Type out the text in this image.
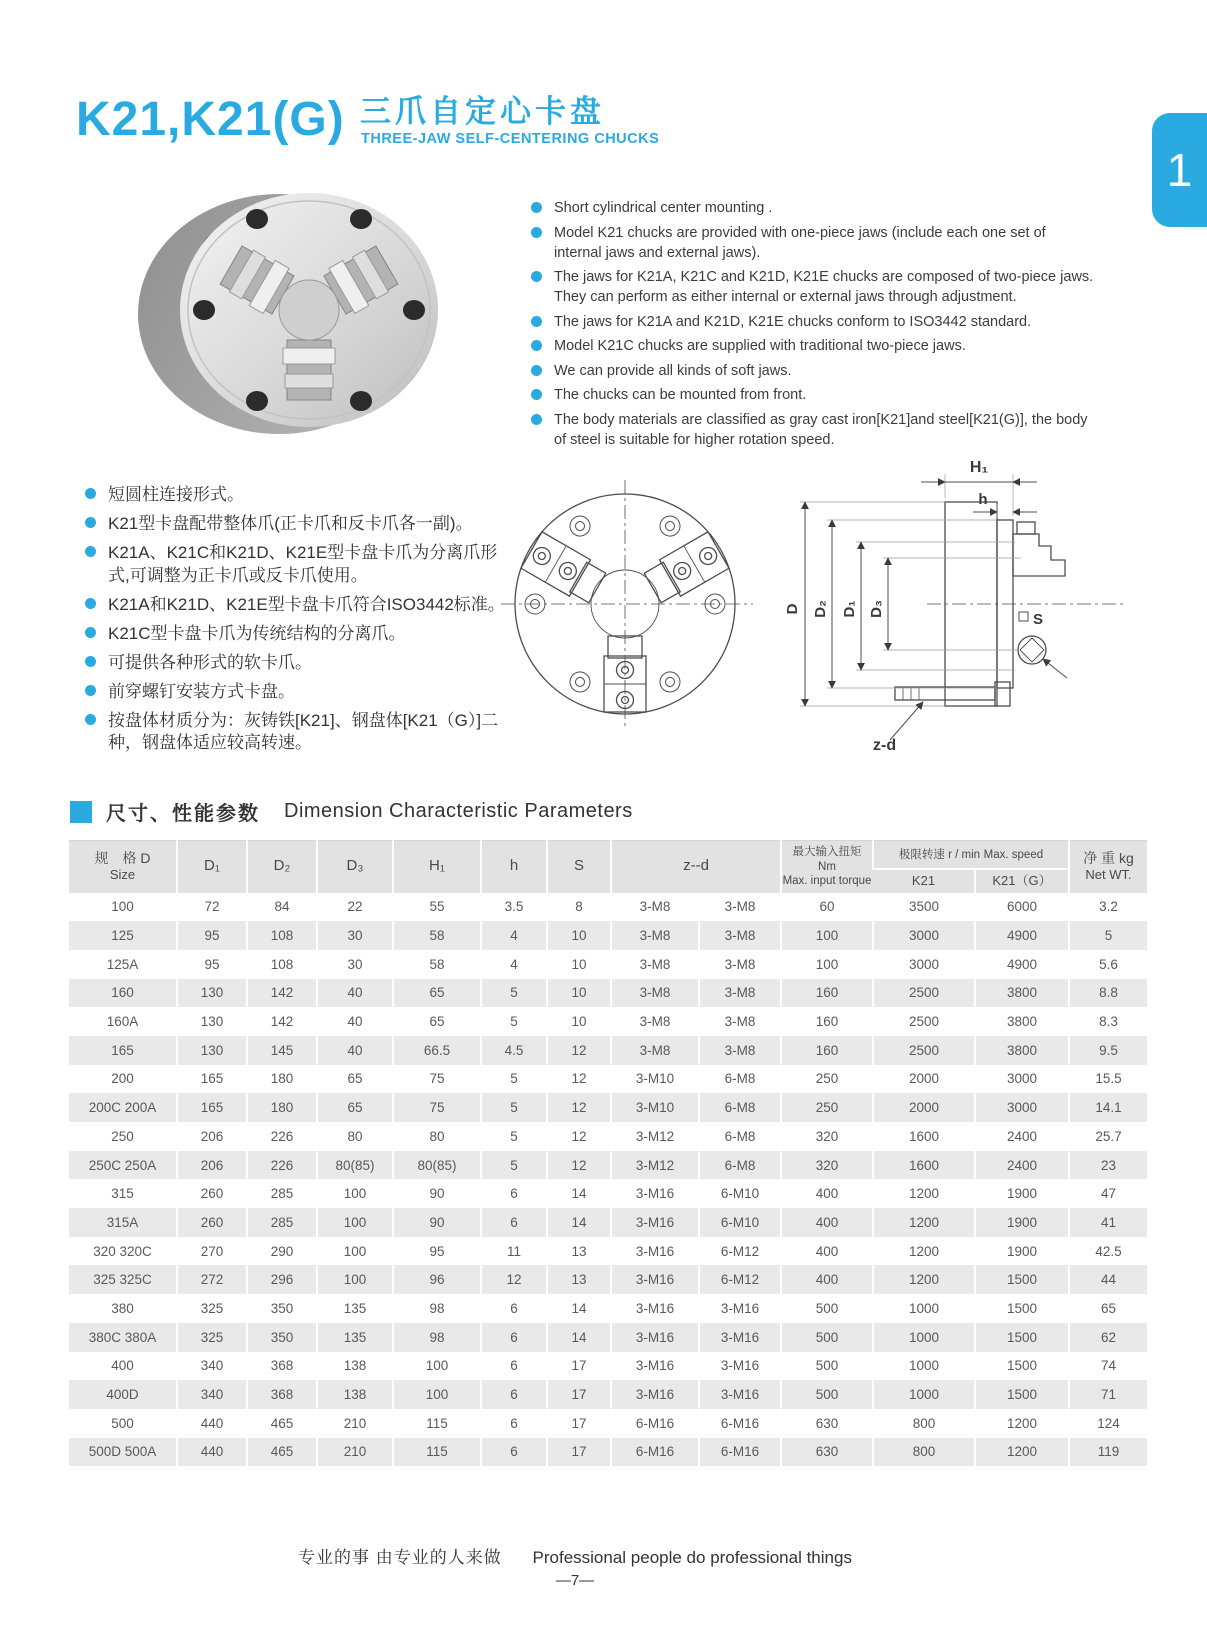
K21,K21(G) 三爪自定心卡盘
THREE-JAW SELF-CENTERING CHUCKS
1
Short cylindrical center mounting .
Model K21 chucks are provided with one-piece jaws (include each one set of internal jaws and external jaws).
The jaws for K21A, K21C and K21D, K21E chucks are composed of two-piece jaws. They can perform as either internal or external jaws through adjustment.
The jaws for K21A and K21D, K21E chucks conform to ISO3442 standard.
Model K21C chucks are supplied with traditional two-piece jaws.
We can provide all kinds of soft jaws.
The chucks can be mounted from front.
The body materials are classified as gray cast iron[K21]and steel[K21(G)], the body of steel is suitable for higher rotation speed.
短圆柱连接形式。
K21型卡盘配带整体爪(正卡爪和反卡爪各一副)。
K21A、K21C和K21D、K21E型卡盘卡爪为分离爪形式,可调整为正卡爪或反卡爪使用。
K21A和K21D、K21E型卡盘卡爪符合ISO3442标准。
K21C型卡盘卡爪为传统结构的分离爪。
可提供各种形式的软卡爪。
前穿螺钉安装方式卡盘。
按盘体材质分为：灰铸铁[K21]、钢盘体[K21（G）]二种，钢盘体适应较高转速。
H₁
h
D D₂ D₁ D₃
S
z-d
尺寸、性能参数 Dimension Characteristic Parameters
规　格 D
Size
	D₁	D₂	D₃	H₁	h	S	z--d	
最大输入扭矩 Nm
Max. input torque
	极限转速 r / min Max. speed	净 重 kg
Net WT.

										K21	K21（G）	
100	72	84	22	55	3.5	8	3-M8	3-M8	60	3500	6000	3.2
125	95	108	30	58	4	10	3-M8	3-M8	100	3000	4900	5
125A	95	108	30	58	4	10	3-M8	3-M8	100	3000	4900	5.6
160	130	142	40	65	5	10	3-M8	3-M8	160	2500	3800	8.8
160A	130	142	40	65	5	10	3-M8	3-M8	160	2500	3800	8.3
165	130	145	40	66.5	4.5	12	3-M8	3-M8	160	2500	3800	9.5
200	165	180	65	75	5	12	3-M10	6-M8	250	2000	3000	15.5
200C 200A	165	180	65	75	5	12	3-M10	6-M8	250	2000	3000	14.1
250	206	226	80	80	5	12	3-M12	6-M8	320	1600	2400	25.7
250C 250A	206	226	80(85)	80(85)	5	12	3-M12	6-M8	320	1600	2400	23
315	260	285	100	90	6	14	3-M16	6-M10	400	1200	1900	47
315A	260	285	100	90	6	14	3-M16	6-M10	400	1200	1900	41
320 320C	270	290	100	95	11	13	3-M16	6-M12	400	1200	1900	42.5
325 325C	272	296	100	96	12	13	3-M16	6-M12	400	1200	1500	44
380	325	350	135	98	6	14	3-M16	3-M16	500	1000	1500	65
380C 380A	325	350	135	98	6	14	3-M16	3-M16	500	1000	1500	62
400	340	368	138	100	6	17	3-M16	3-M16	500	1000	1500	74
400D	340	368	138	100	6	17	3-M16	3-M16	500	1000	1500	71
500	440	465	210	115	6	17	6-M16	6-M16	630	800	1200	124
500D 500A	440	465	210	115	6	17	6-M16	6-M16	630	800	1200	119
专业的事 由专业的人来做 Professional people do professional things
—7—
